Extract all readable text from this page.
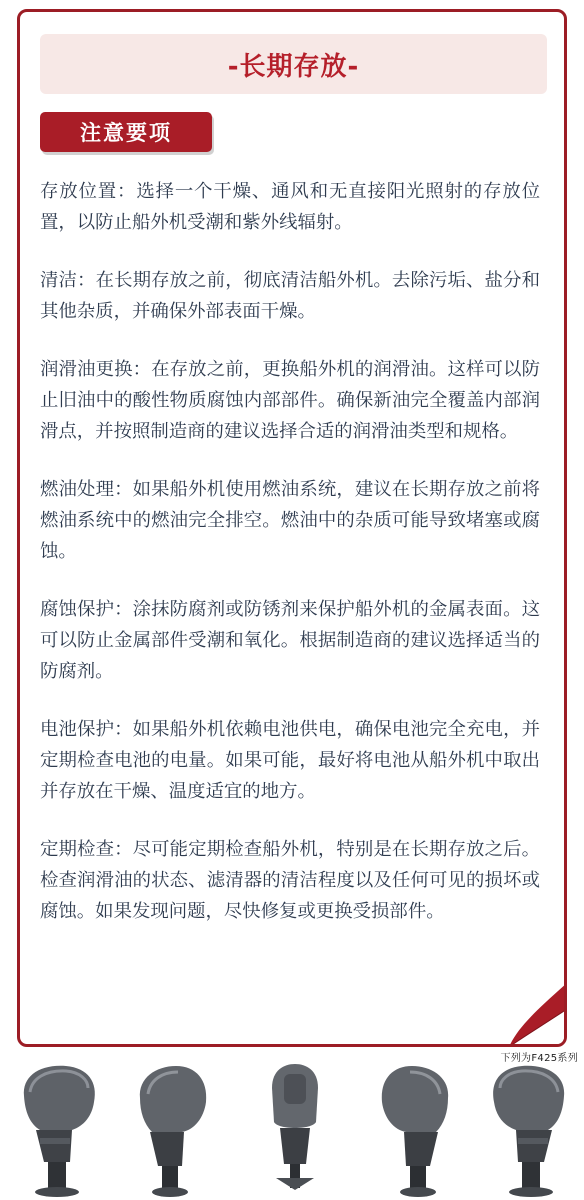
-长期存放-
注意要项

存放位置：选择一个干燥、通风和无直接阳光照射的存放位置，以防止船外机受潮和紫外线辐射。

清洁：在长期存放之前，彻底清洁船外机。去除污垢、盐分和其他杂质，并确保外部表面干燥。

润滑油更换：在存放之前，更换船外机的润滑油。这样可以防止旧油中的酸性物质腐蚀内部部件。确保新油完全覆盖内部润滑点，并按照制造商的建议选择合适的润滑油类型和规格。

燃油处理：如果船外机使用燃油系统，建议在长期存放之前将燃油系统中的燃油完全排空。燃油中的杂质可能导致堵塞或腐蚀。

腐蚀保护：涂抹防腐剂或防锈剂来保护船外机的金属表面。这可以防止金属部件受潮和氧化。根据制造商的建议选择适当的防腐剂。

电池保护：如果船外机依赖电池供电，确保电池完全充电，并定期检查电池的电量。如果可能，最好将电池从船外机中取出并存放在干燥、温度适宜的地方。

定期检查：尽可能定期检查船外机，特别是在长期存放之后。检查润滑油的状态、滤清器的清洁程度以及任何可见的损坏或腐蚀。如果发现问题，尽快修复或更换受损部件。

下列为F425系列
